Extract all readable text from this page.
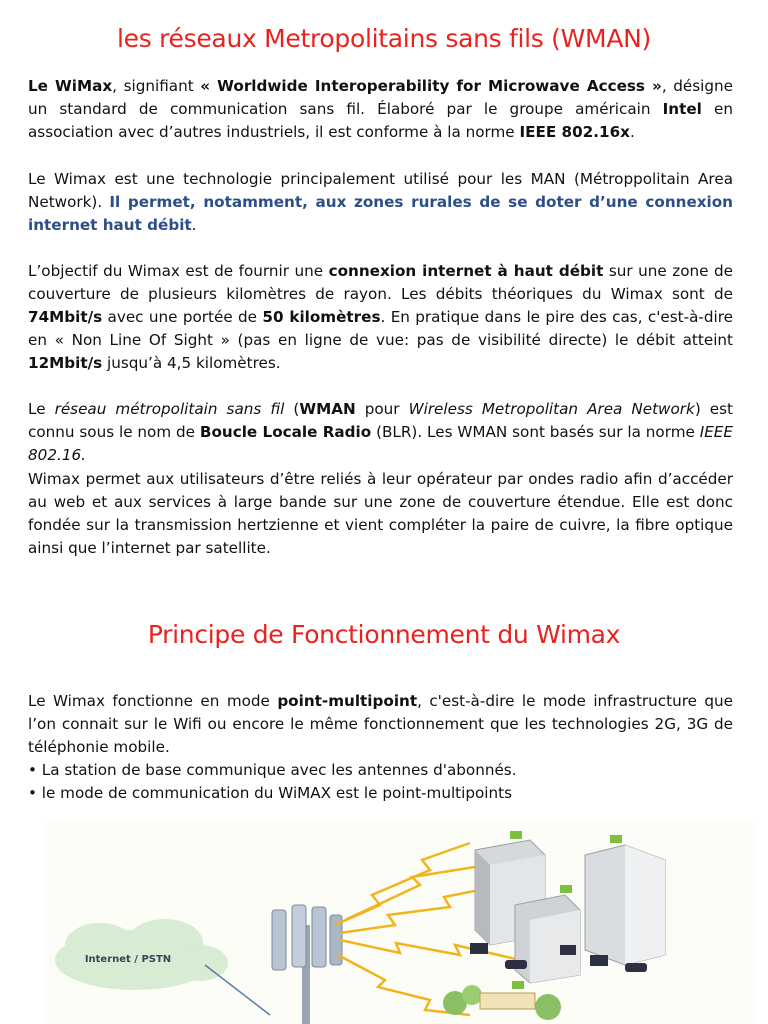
les réseaux Metropolitains sans fils (WMAN)

Le WiMax, signifiant « Worldwide Interoperability for Microwave Access », désigne un standard de communication sans fil. Élaboré par le groupe américain Intel en association avec d’autres industriels, il est conforme à la norme IEEE 802.16x.

Le Wimax est une technologie principalement utilisé pour les MAN (Métroppolitain Area Network). Il permet, notamment, aux zones rurales de se doter d’une connexion internet haut débit.

L’objectif du Wimax est de fournir une connexion internet à haut débit sur une zone de couverture de plusieurs kilomètres de rayon. Les débits théoriques du Wimax sont de 74Mbit/s avec une portée de 50 kilomètres. En pratique dans le pire des cas, c'est-à-dire en « Non Line Of Sight » (pas en ligne de vue: pas de visibilité directe) le débit atteint 12Mbit/s jusqu’à 4,5 kilomètres.

Le réseau métropolitain sans fil (WMAN pour Wireless Metropolitan Area Network) est connu sous le nom de Boucle Locale Radio (BLR). Les WMAN sont basés sur la norme IEEE 802.16.

Wimax permet aux utilisateurs d’être reliés à leur opérateur par ondes radio afin d’accéder au web et aux services à large bande sur une zone de couverture étendue. Elle est donc fondée sur la transmission hertzienne et vient compléter la paire de cuivre, la fibre optique ainsi que l’internet par satellite.

Principe de Fonctionnement du Wimax

Le Wimax fonctionne en mode point-multipoint, c'est-à-dire le mode infrastructure que l’on connait sur le Wifi ou encore le même fonctionnement que les technologies 2G, 3G de téléphonie mobile.

• La station de base communique avec les antennes d'abonnés.
• le mode de communication du WiMAX est le point-multipoints
Internet / PSTN
